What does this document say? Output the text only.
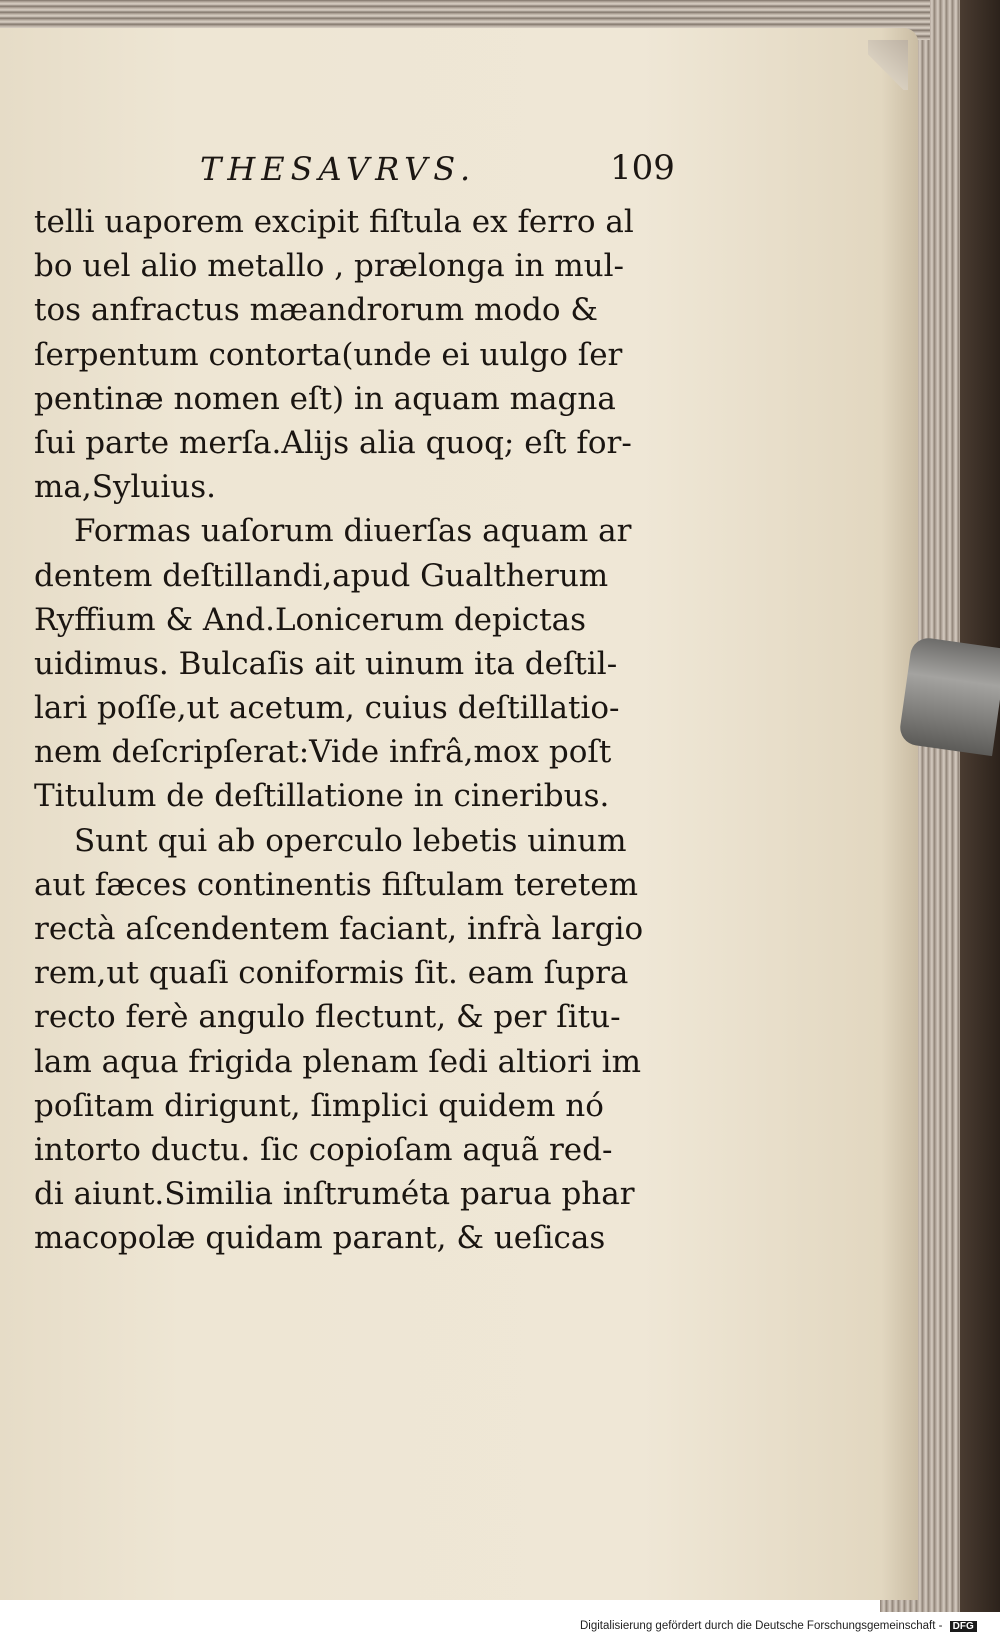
THESAVRVS.	109
telli uaporem excipit fiſtula ex ferro al
bo uel alio metallo , prælonga in mul-
tos anfractus mæandrorum modo &
ſerpentum contorta(unde ei uulgo ſer
pentinæ nomen eſt) in aquam magna
ſui parte merſa.Alijs alia quoq; eſt for-
ma,Syluius.
Formas uaſorum diuerſas aquam ar
dentem deſtillandi,apud Gualtherum
Ryffium & And.Lonicerum depictas
uidimus. Bulcaſis ait uinum ita deſtil-
lari poſſe,ut acetum, cuius deſtillatio-
nem deſcripſerat:Vide infrâ,mox poſt
Titulum de deſtillatione in cineribus.
Sunt qui ab operculo lebetis uinum
aut fæces continentis fiſtulam teretem
rectà aſcendentem faciant, infrà largio
rem,ut quaſi coniformis ſit. eam ſupra
recto ferè angulo flectunt, & per ſitu-
lam aqua frigida plenam ſedi altiori im
poſitam dirigunt, ſimplici quidem nó
intorto ductu. ſic copioſam aquã red-
di aiunt.Similia inſtruméta parua phar
macopolæ quidam parant, & ueſicas
Digitalisierung gefördert durch die Deutsche Forschungsgemeinschaft - DFG
